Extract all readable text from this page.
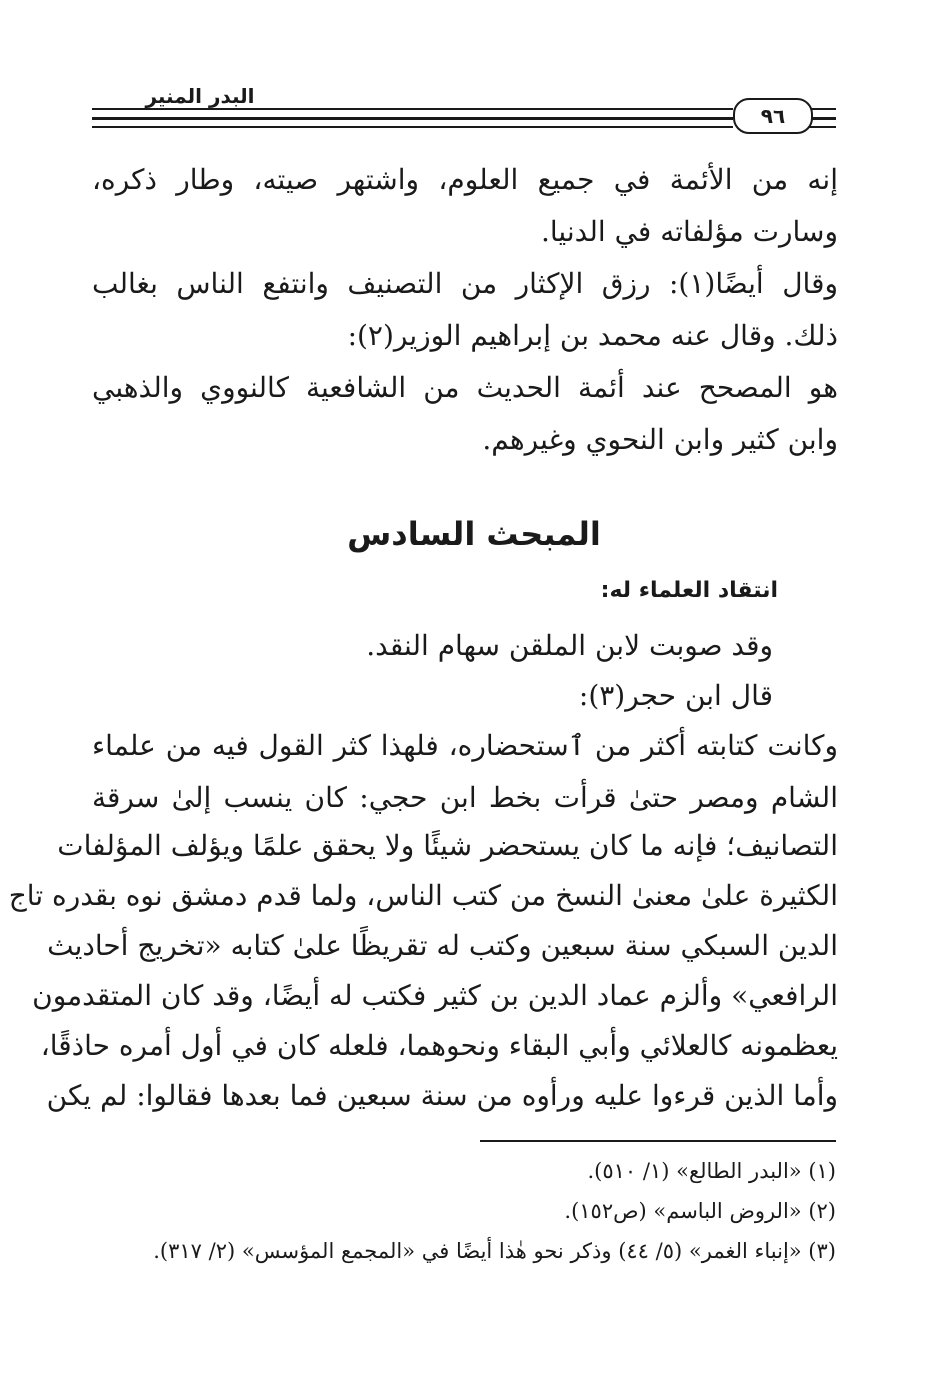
البدر المنير
٩٦
إنه من الأئمة في جميع العلوم، واشتهر صيته، وطار ذكره،
وسارت مؤلفاته في الدنيا.
وقال أيضًا(١): رزق الإكثار من التصنيف وانتفع الناس بغالب
ذلك. وقال عنه محمد بن إبراهيم الوزير(٢):
هو المصحح عند أئمة الحديث من الشافعية كالنووي والذهبي
وابن كثير وابن النحوي وغيرهم.
المبحث السادس
انتقاد العلماء له:
وقد صوبت لابن الملقن سهام النقد.
قال ابن حجر(٣):
وكانت كتابته أكثر من ٱستحضاره، فلهذا كثر القول فيه من علماء
الشام ومصر حتىٰ قرأت بخط ابن حجي: كان ينسب إلىٰ سرقة
التصانيف؛ فإنه ما كان يستحضر شيئًا ولا يحقق علمًا ويؤلف المؤلفات
الكثيرة علىٰ معنىٰ النسخ من كتب الناس، ولما قدم دمشق نوه بقدره تاج
الدين السبكي سنة سبعين وكتب له تقريظًا علىٰ كتابه «تخريج أحاديث
الرافعي» وألزم عماد الدين بن كثير فكتب له أيضًا، وقد كان المتقدمون
يعظمونه كالعلائي وأبي البقاء ونحوهما، فلعله كان في أول أمره حاذقًا،
وأما الذين قرءوا عليه ورأوه من سنة سبعين فما بعدها فقالوا: لم يكن
(١) «البدر الطالع» (١/ ٥١٠).
(٢) «الروض الباسم» (ص١٥٢).
(٣) «إنباء الغمر» (٥/ ٤٤) وذكر نحو هٰذا أيضًا في «المجمع المؤسس» (٢/ ٣١٧).
